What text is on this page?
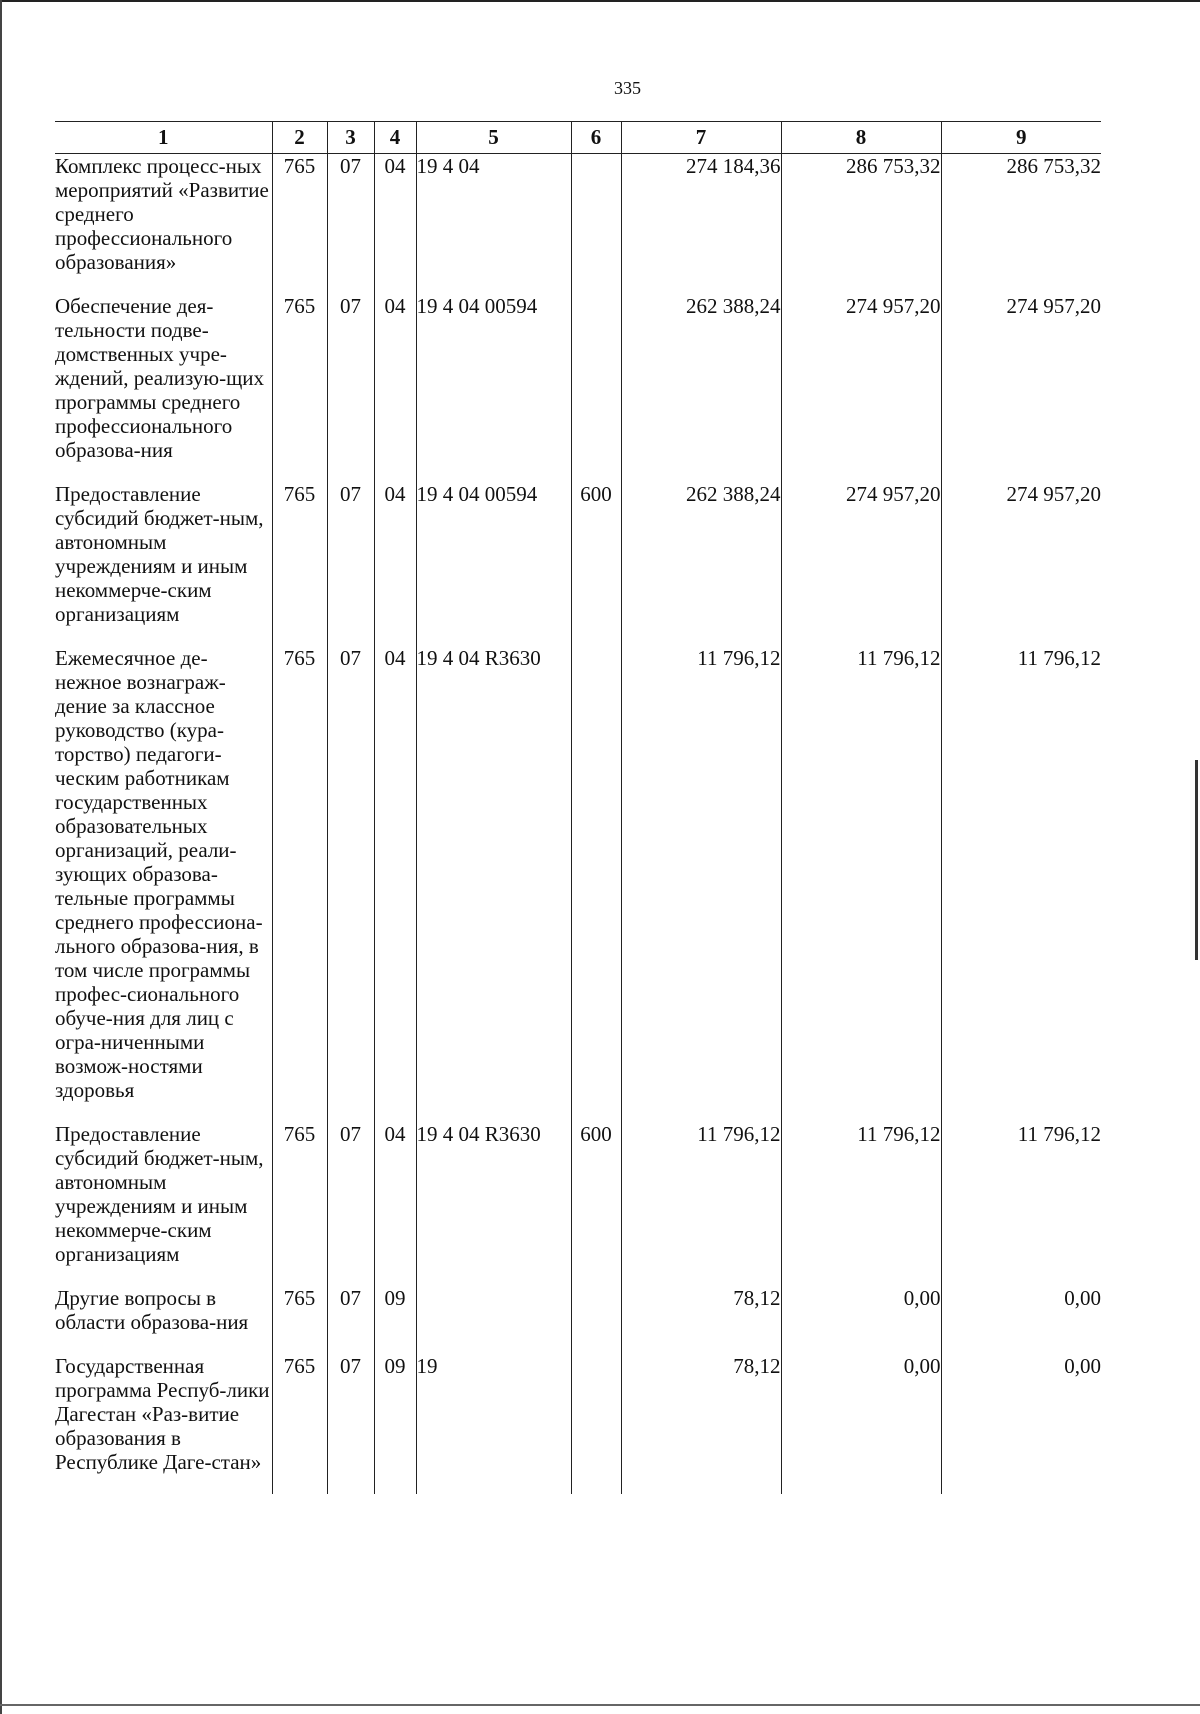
335
1	2	3	4	5	6	7	8	9

Комплекс процесс-ных мероприятий «Развитие среднего профессионального образования»	765	07	04	19 4 04		274 184,36	286 753,32	286 753,32

Обеспечение дея-тельности подве-домственных учре-ждений, реализую-щих программы среднего профессионального образова-ния	765	07	04	19 4 04 00594		262 388,24	274 957,20	274 957,20

Предоставление субсидий бюджет-ным, автономным учреждениям и иным некоммерче-ским организациям	765	07	04	19 4 04 00594	600	262 388,24	274 957,20	274 957,20

Ежемесячное де-нежное вознаграж-дение за классное руководство (кура-торство) педагоги-ческим работникам государственных образовательных организаций, реали-зующих образова-тельные программы среднего профессиона-льного образова-ния, в том числе программы профес-сионального обуче-ния для лиц с огра-ниченными возмож-ностями здоровья	765	07	04	19 4 04 R3630		11 796,12	11 796,12	11 796,12

Предоставление субсидий бюджет-ным, автономным учреждениям и иным некоммерче-ским организациям	765	07	04	19 4 04 R3630	600	11 796,12	11 796,12	11 796,12

Другие вопросы в области образова-ния	765	07	09			78,12	0,00	0,00

Государственная программа Респуб-лики Дагестан «Раз-витие образования в Республике Даге-стан»	765	07	09	19		78,12	0,00	0,00
